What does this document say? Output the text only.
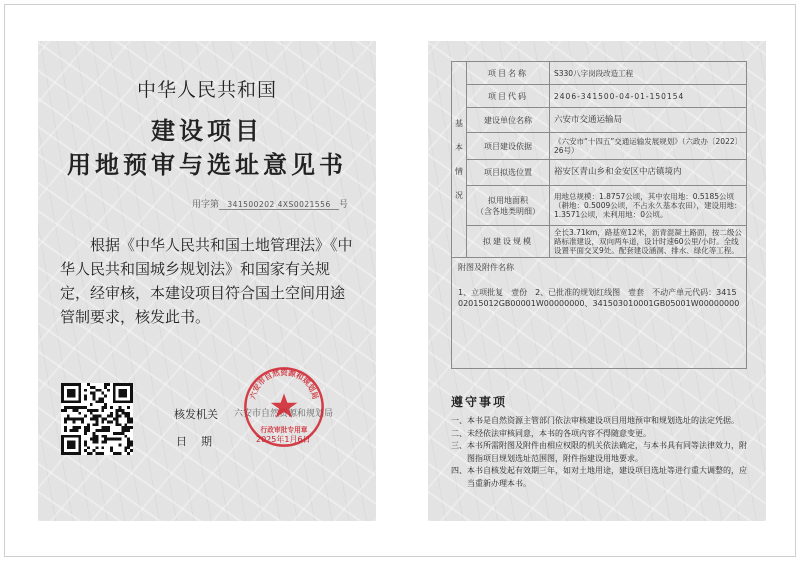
中华人民共和国
建设项目
用地预审与选址意见书
用字第 341500202 4XS0021556 号
根据《中华人民共和国土地管理法》《中华人民共和国城乡规划法》和国家有关规定，经审核，本建设项目符合国土空间用途管制要求，核发此书。
核发机关 六安市自然资源和规划局
日期	2025年1月6日
六安市自然资源和规划局
行政审批专用章
基本情况	项目名称	S330八字岗段改造工程
	项目代码	2406-341500-04-01-150154
	建设单位名称	六安市交通运输局
	项目建设依据	《六安市“十四五”交通运输发展规划》（六政办〔2022〕26号）
	项目拟选位置	裕安区青山乡和金安区中店镇境内

	拟用地面积
（含各地类明细）	用地总规模：1.8757公顷，其中农用地：0.5185公顷（耕地：0.5009公顷，不占永久基本农田），建设用地：1.3571公顷，未利用地：0公顷。
	拟建设规模	全长3.71km，路基宽12米，沥青混凝土路面，按二级公路标准建设，双向两车道，设计时速60公里/小时。全线设置平面交叉9处。配套建设涵洞、排水、绿化等工程。

附图及附件名称
1、立项批复　壹份　2、已批准的规划红线图　壹套　不动产单元代码：341502015012GB00001W00000000、341503010001GB05001W00000000		
遵守事项
一、本书是自然资源主管部门依法审核建设项目用地预审和规划选址的法定凭据。
二、未经依法审核同意，本书的各项内容不得随意变更。
三、本书所需附图及附件由相应权限的机关依法确定，与本书具有同等法律效力，附图指项目规划选址范围图，附件指建设用地要求。
四、本书自核发起有效期三年，如对土地用途，建设项目选址等进行重大调整的，应当重新办理本书。
